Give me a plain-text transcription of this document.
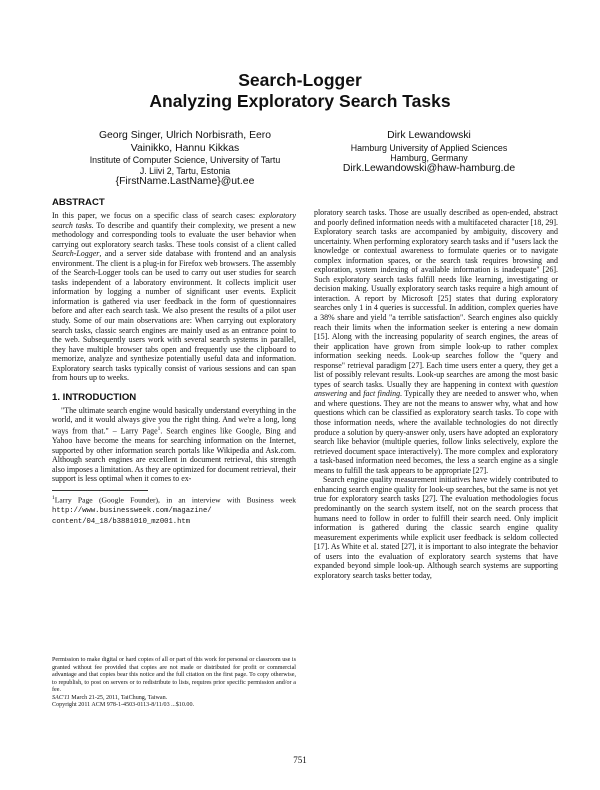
Search-Logger
Analyzing Exploratory Search Tasks
Georg Singer, Ulrich Norbisrath, Eero
Vainikko, Hannu Kikkas
Institute of Computer Science, University of Tartu
J. Liivi 2, Tartu, Estonia
{FirstName.LastName}@ut.ee
Dirk Lewandowski
Hamburg University of Applied Sciences
Hamburg, Germany
Dirk.Lewandowski@haw-hamburg.de
ABSTRACT

In this paper, we focus on a specific class of search cases: exploratory search tasks. To describe and quantify their complexity, we present a new methodology and corresponding tools to evaluate the user behavior when carrying out exploratory search tasks. These tools consist of a client called Search-Logger, and a server side database with frontend and an analysis environment. The client is a plug-in for Firefox web browsers. The assembly of the Search-Logger tools can be used to carry out user studies for search tasks independent of a laboratory environment. It collects implicit user information by logging a number of significant user events. Explicit information is gathered via user feedback in the form of questionnaires before and after each search task. We also present the results of a pilot user study. Some of our main observations are: When carrying out exploratory search tasks, classic search engines are mainly used as an entrance point to the web. Subsequently users work with several search systems in parallel, they have multiple browser tabs open and frequently use the clipboard to memorize, analyze and synthesize potentially useful data and information. Exploratory search tasks typically consist of various sessions and can span from hours up to weeks.

1. INTRODUCTION

"The ultimate search engine would basically understand everything in the world, and it would always give you the right thing. And we're a long, long ways from that." – Larry Page$^1$. Search engines like Google, Bing and Yahoo have become the means for searching information on the Internet, supported by other information search portals like Wikipedia and Ask.com. Although search engines are excellent in document retrieval, this strength also imposes a limitation. As they are optimized for document retrieval, their support is less optimal when it comes to ex-

$^1$Larry Page (Google Founder), in an interview with Business week http://www.businessweek.com/magazine/
content/04_18/b3881010_mz001.htm

Permission to make digital or hard copies of all or part of this work for personal or classroom use is granted without fee provided that copies are not made or distributed for profit or commercial advantage and that copies bear this notice and the full citation on the first page. To copy otherwise, to republish, to post on servers or to redistribute to lists, requires prior specific permission and/or a fee.
SAC'11 March 21-25, 2011, TaiChung, Taiwan.
Copyright 2011 ACM 978-1-4503-0113-8/11/03 ...$10.00.

ploratory search tasks. Those are usually described as open-ended, abstract and poorly defined information needs with a multifaceted character [18, 29]. Exploratory search tasks are accompanied by ambiguity, discovery and uncertainty. When performing exploratory search tasks and if "users lack the knowledge or contextual awareness to formulate queries or to navigate complex information spaces, or the search task requires browsing and exploration, system indexing of available information is inadequate" [26]. Such exploratory search tasks fulfill needs like learning, investigating or decision making. Usually exploratory search tasks require a high amount of interaction. A report by Microsoft [25] states that during exploratory searches only 1 in 4 queries is successful. In addition, complex queries have a 38% share and yield "a terrible satisfaction". Search engines also quickly reach their limits when the information seeker is entering a new domain [15]. Along with the increasing popularity of search engines, the areas of their application have grown from simple look-up to rather complex information seeking needs. Look-up searches follow the "query and response" retrieval paradigm [27]. Each time users enter a query, they get a list of possibly relevant results. Look-up searches are among the most basic types of search tasks. Usually they are happening in context with question answering and fact finding. Typically they are needed to answer who, when and where questions. They are not the means to answer why, what and how questions which can be classified as exploratory search tasks. To cope with those information needs, where the available technologies do not directly produce a solution by query-answer only, users have adopted an exploratory search like behavior (multiple queries, follow links selectively, explore the retrieved document space interactively). The more complex and exploratory a task-based information need becomes, the less a search engine as a single means to fulfill the task appears to be appropriate [27].

Search engine quality measurement initiatives have widely contributed to enhancing search engine quality for look-up searches, but the same is not yet true for exploratory search tasks [27]. The evaluation methodologies focus predominantly on the search system itself, not on the search process that humans need to follow in order to fulfill their search need. Only implicit information is gathered during the classic search engine quality measurement experiments while explicit user feedback is seldom collected [17]. As White et al. stated [27], it is important to also integrate the behavior of users into the evaluation of exploratory search systems that have expanded beyond simple look-up. Although search systems are supporting exploratory search tasks better today,

751
